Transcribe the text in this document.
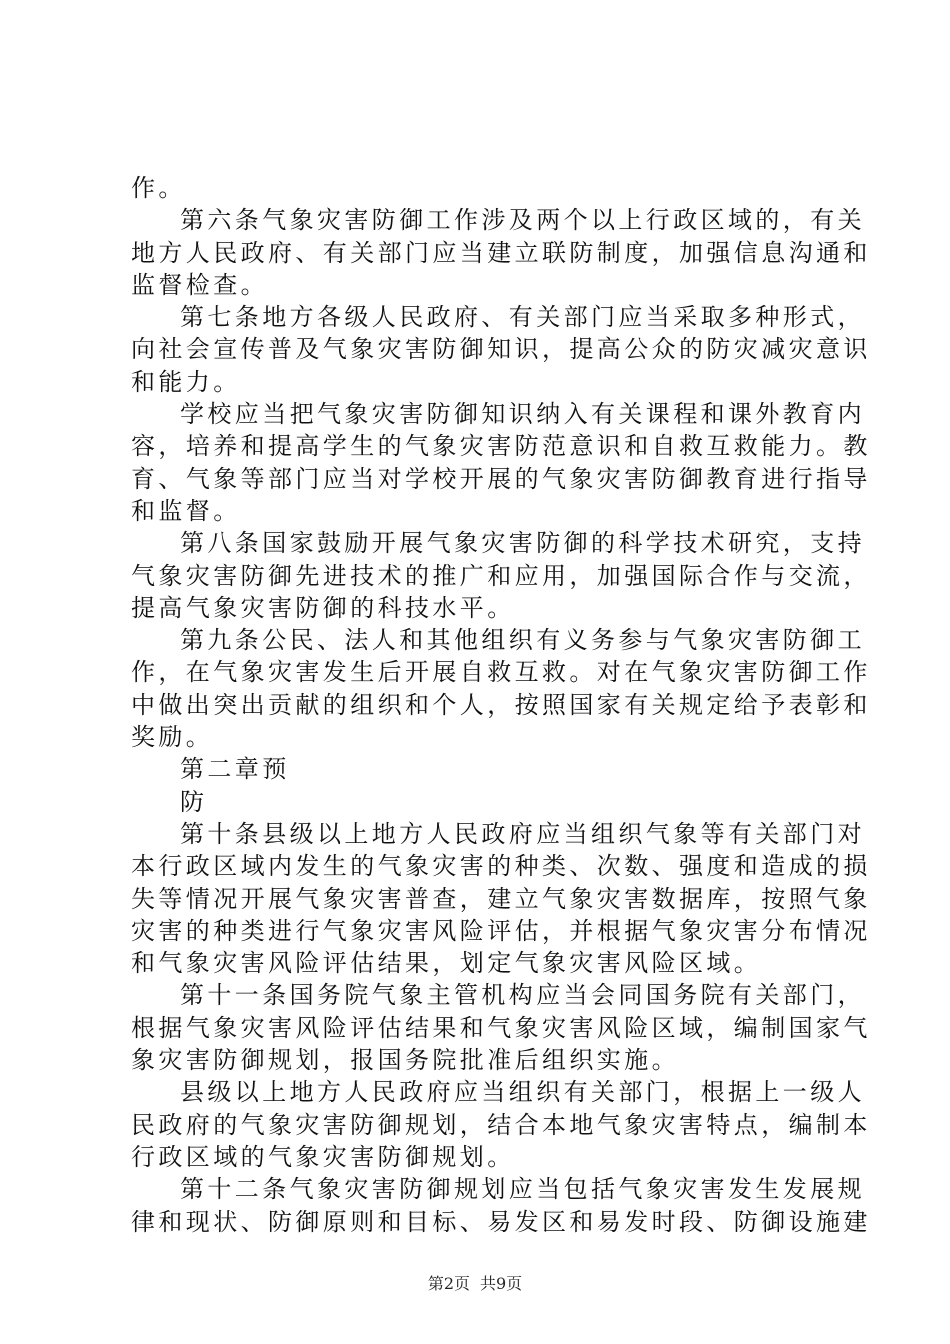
作。
第六条气象灾害防御工作涉及两个以上行政区域的，有关
地方人民政府、有关部门应当建立联防制度，加强信息沟通和
监督检查。
第七条地方各级人民政府、有关部门应当采取多种形式，
向社会宣传普及气象灾害防御知识，提高公众的防灾减灾意识
和能力。
学校应当把气象灾害防御知识纳入有关课程和课外教育内
容，培养和提高学生的气象灾害防范意识和自救互救能力。教
育、气象等部门应当对学校开展的气象灾害防御教育进行指导
和监督。
第八条国家鼓励开展气象灾害防御的科学技术研究，支持
气象灾害防御先进技术的推广和应用，加强国际合作与交流，
提高气象灾害防御的科技水平。
第九条公民、法人和其他组织有义务参与气象灾害防御工
作，在气象灾害发生后开展自救互救。对在气象灾害防御工作
中做出突出贡献的组织和个人，按照国家有关规定给予表彰和
奖励。
第二章预
防
第十条县级以上地方人民政府应当组织气象等有关部门对
本行政区域内发生的气象灾害的种类、次数、强度和造成的损
失等情况开展气象灾害普查，建立气象灾害数据库，按照气象
灾害的种类进行气象灾害风险评估，并根据气象灾害分布情况
和气象灾害风险评估结果，划定气象灾害风险区域。
第十一条国务院气象主管机构应当会同国务院有关部门，
根据气象灾害风险评估结果和气象灾害风险区域，编制国家气
象灾害防御规划，报国务院批准后组织实施。
县级以上地方人民政府应当组织有关部门，根据上一级人
民政府的气象灾害防御规划，结合本地气象灾害特点，编制本
行政区域的气象灾害防御规划。
第十二条气象灾害防御规划应当包括气象灾害发生发展规
律和现状、防御原则和目标、易发区和易发时段、防御设施建
第2页 共9页
